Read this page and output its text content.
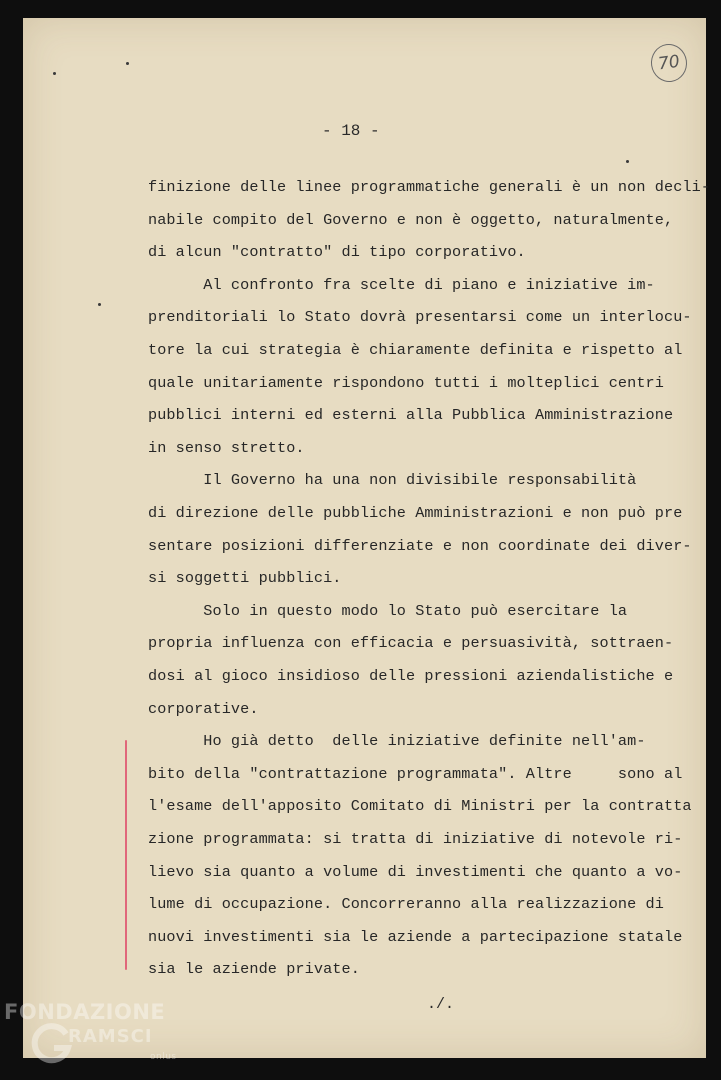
70
- 18 -
finizione delle linee programmatiche generali è un non decli-
nabile compito del Governo e non è oggetto, naturalmente,
di alcun "contratto" di tipo corporativo.
Al confronto fra scelte di piano e iniziative im-
prenditoriali lo Stato dovrà presentarsi come un interlocu-
tore la cui strategia è chiaramente definita e rispetto al
quale unitariamente rispondono tutti i molteplici centri
pubblici interni ed esterni alla Pubblica Amministrazione
in senso stretto.
Il Governo ha una non divisibile responsabilità
di direzione delle pubbliche Amministrazioni e non può pre
sentare posizioni differenziate e non coordinate dei diver-
si soggetti pubblici.
Solo in questo modo lo Stato può esercitare la
propria influenza con efficacia e persuasività, sottraen-
dosi al gioco insidioso delle pressioni aziendalistiche e
corporative.
Ho già detto  delle iniziative definite nell'am-
bito della "contrattazione programmata". Altre     sono al
l'esame dell'apposito Comitato di Ministri per la contratta
zione programmata: si tratta di iniziative di notevole ri-
lievo sia quanto a volume di investimenti che quanto a vo-
lume di occupazione. Concorreranno alla realizzazione di
nuovi investimenti sia le aziende a partecipazione statale
sia le aziende private.
./.
FONDAZIONE
RAMSCI
onlus
